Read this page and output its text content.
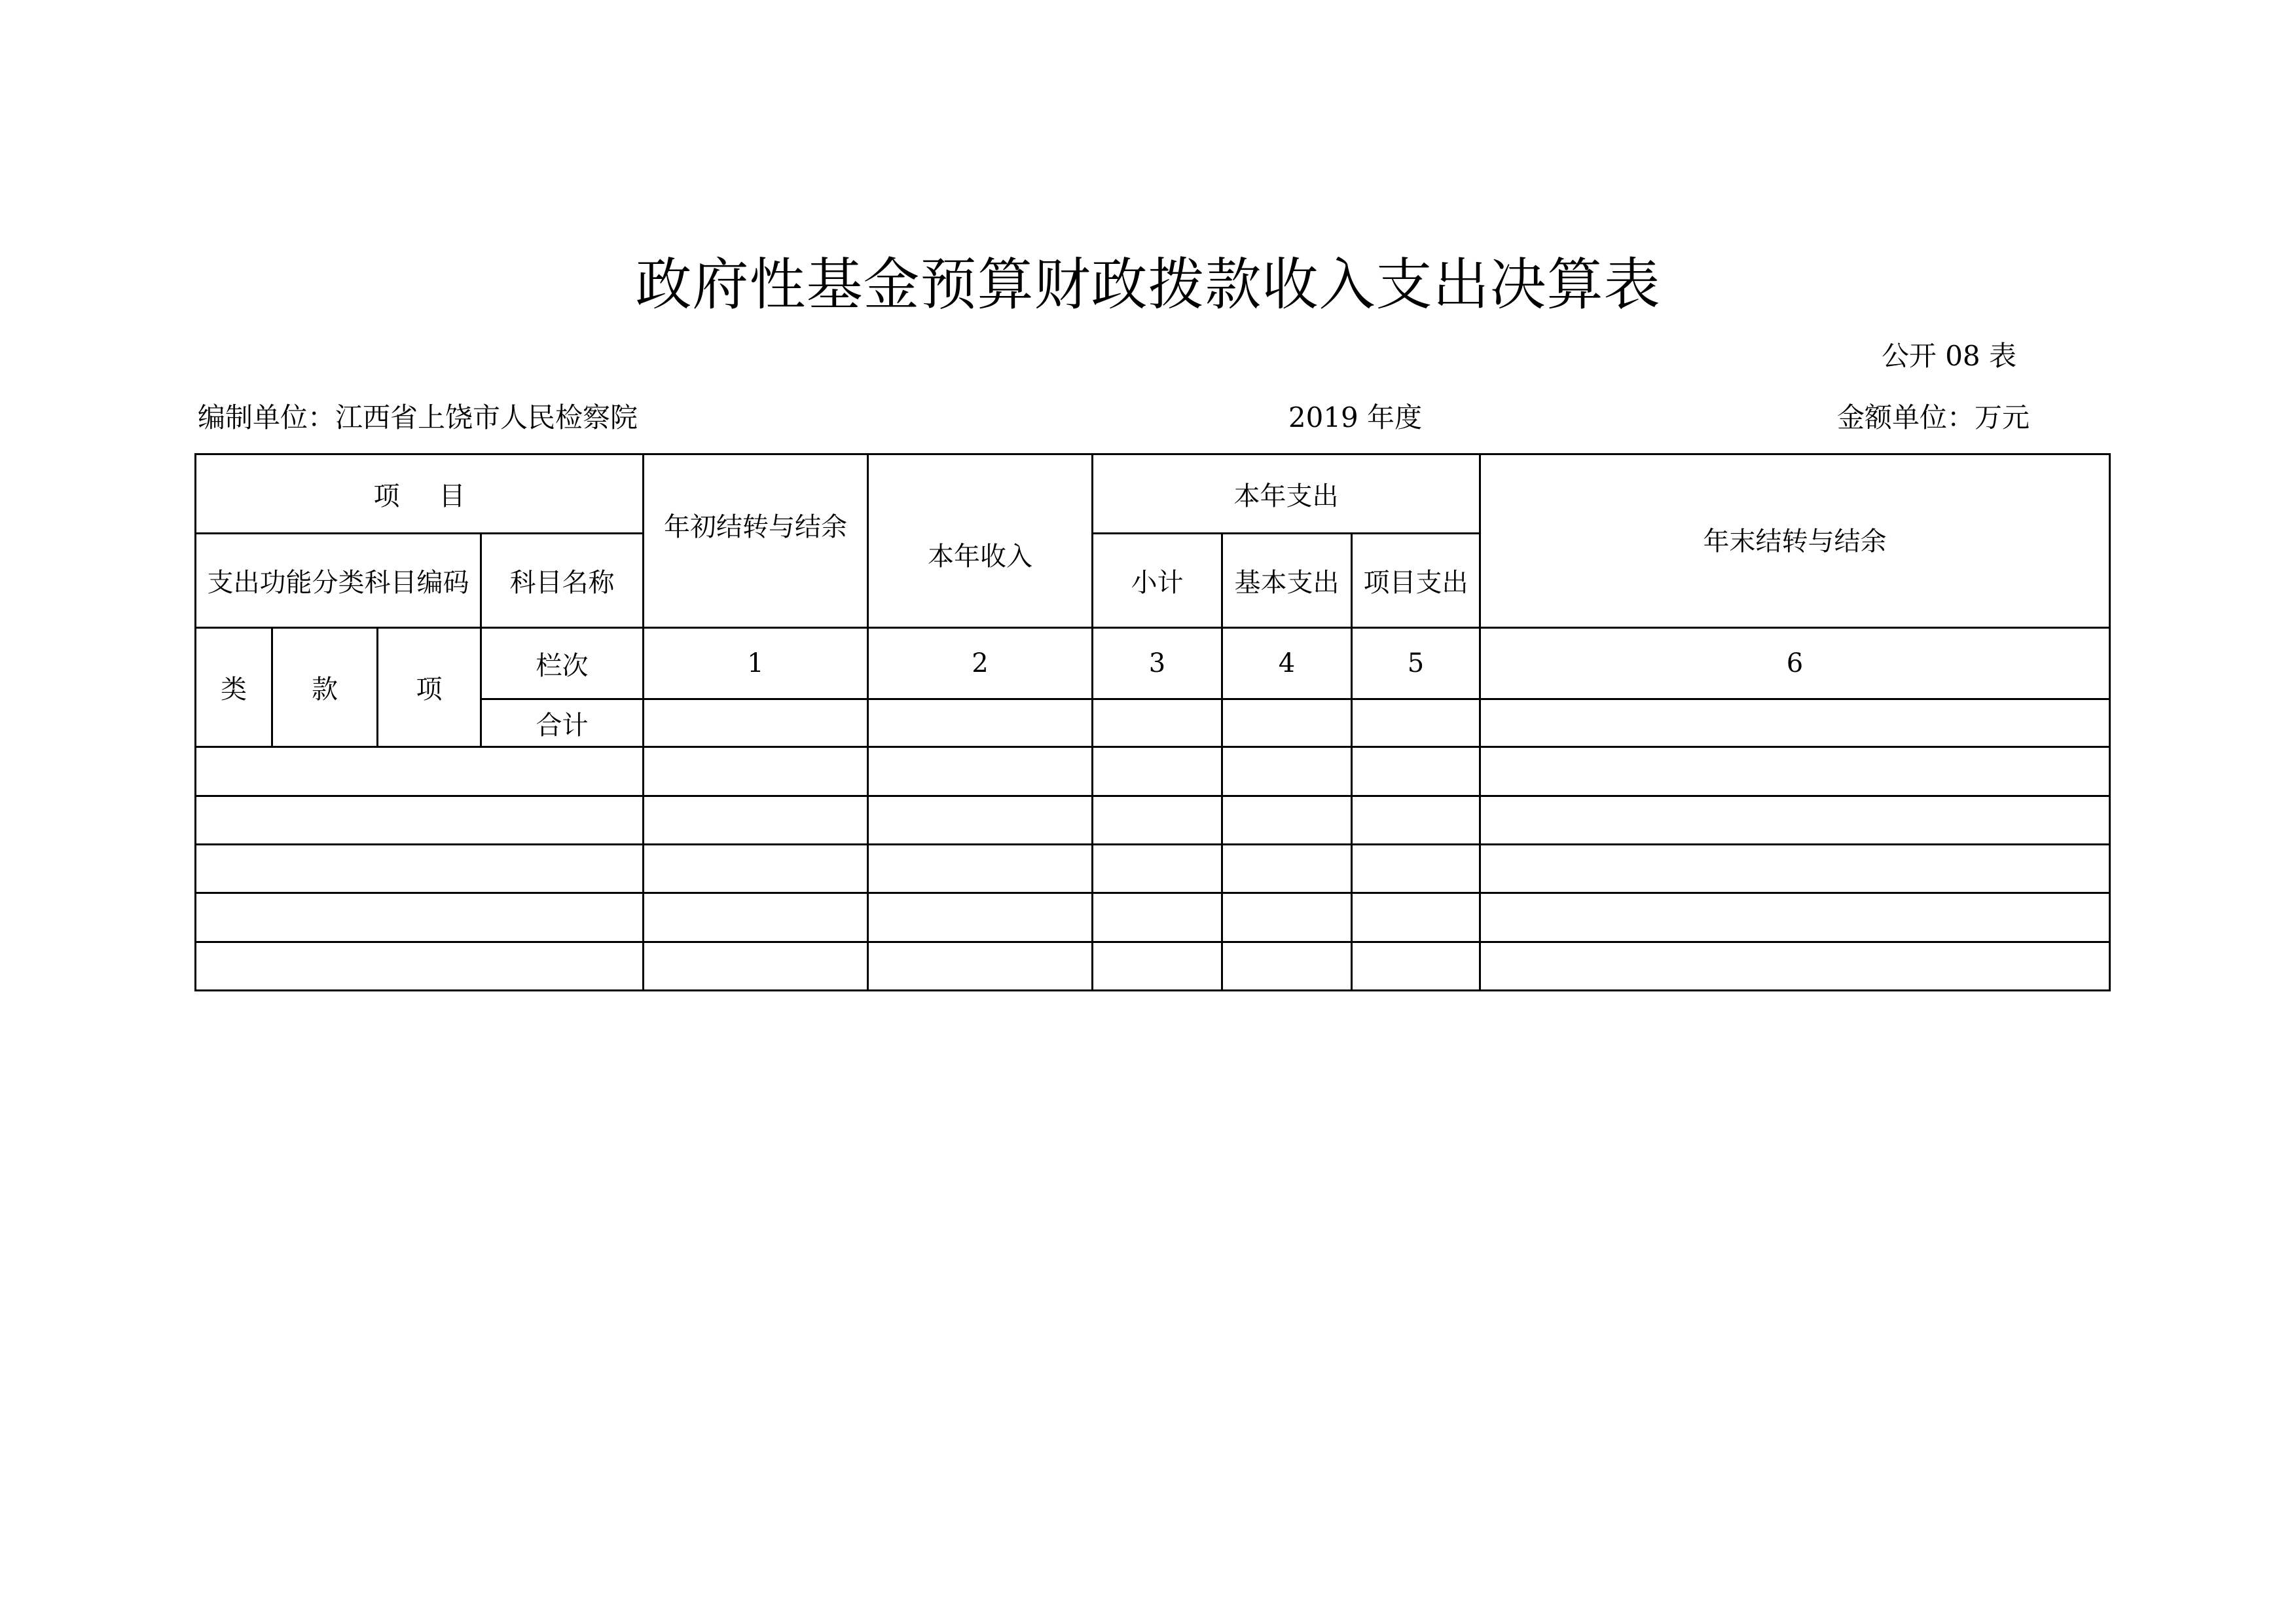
政府性基金预算财政拨款收入支出决算表
公开 08 表
编制单位：江西省上饶市人民检察院	2019 年度	金额单位：万元
项目				年初结转与结余	本年收入	本年支出			年末结转与结余
支出功能分类科目编码			科目名称			小计	基本支出	项目支出	
类	款	项	栏次	1	2	3	4	5	6
			合计						
